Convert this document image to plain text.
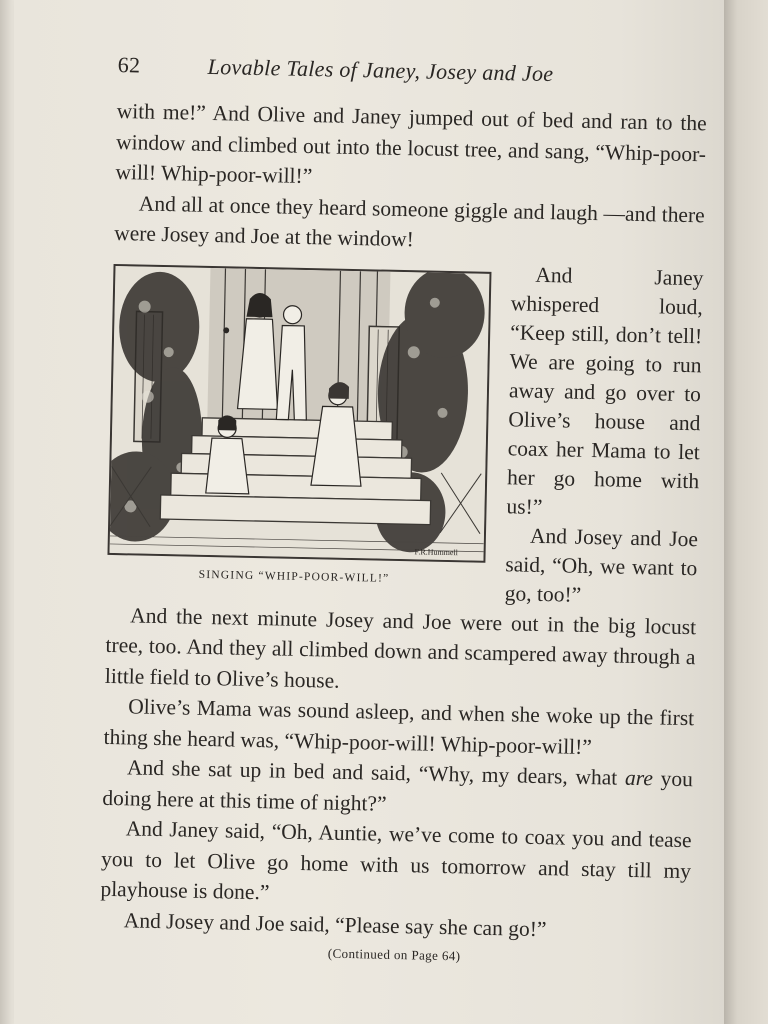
62	Lovable Tales of Janey, Josey and Joe

with me!” And Olive and Janey jumped out of bed and ran to the window and climbed out into the locust tree, and sang, “Whip-poor-will! Whip-poor-will!”

And all at once they heard someone giggle and laugh —and there were Josey and Joe at the window!

F.R.Hummell
SINGING “WHIP-POOR-WILL!”

And Janey whispered loud, “Keep still, don’t tell! We are going to run away and go over to Olive’s house and coax her Mama to let her go home with us!”

And Josey and Joe said, “Oh, we want to go, too!”

And the next minute Josey and Joe were out in the big locust tree, too. And they all climbed down and scampered away through a little field to Olive’s house.

Olive’s Mama was sound asleep, and when she woke up the first thing she heard was, “Whip-poor-will! Whip-poor-will!”

And she sat up in bed and said, “Why, my dears, what are you doing here at this time of night?”

And Janey said, “Oh, Auntie, we’ve come to coax you and tease you to let Olive go home with us tomorrow and stay till my playhouse is done.”

And Josey and Joe said, “Please say she can go!”

(Continued on Page 64)
